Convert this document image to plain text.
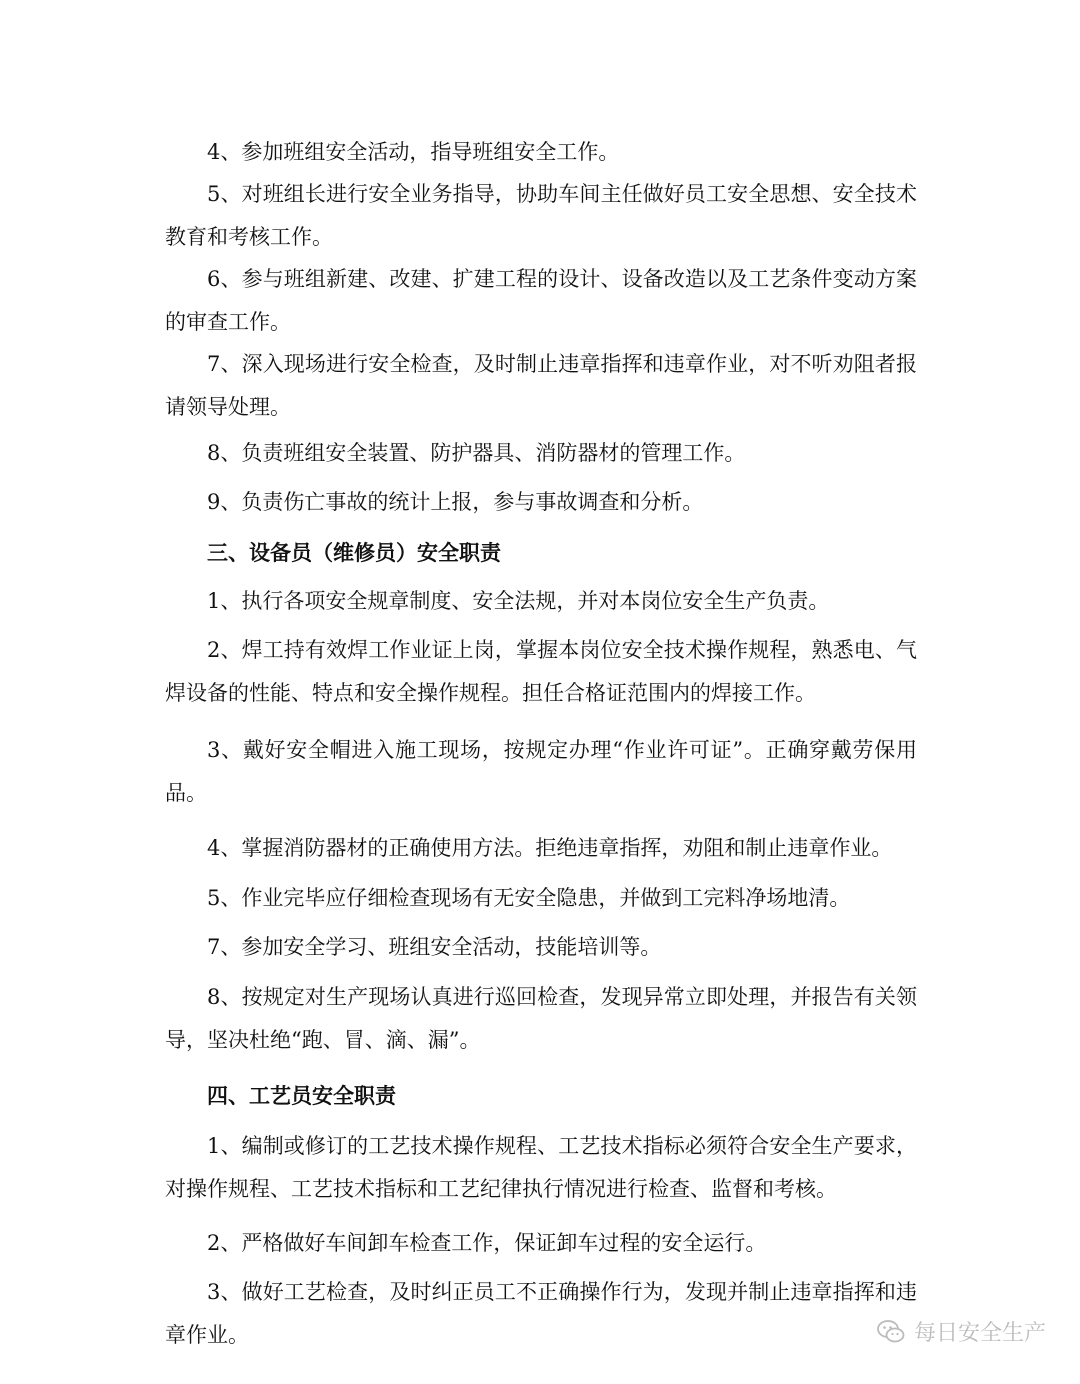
4、参加班组安全活动，指导班组安全工作。

5、对班组长进行安全业务指导，协助车间主任做好员工安全思想、安全技术教育和考核工作。

6、参与班组新建、改建、扩建工程的设计、设备改造以及工艺条件变动方案的审查工作。

7、深入现场进行安全检查，及时制止违章指挥和违章作业，对不听劝阻者报请领导处理。

8、负责班组安全装置、防护器具、消防器材的管理工作。

9、负责伤亡事故的统计上报，参与事故调查和分析。

三、设备员（维修员）安全职责

1、执行各项安全规章制度、安全法规，并对本岗位安全生产负责。

2、焊工持有效焊工作业证上岗，掌握本岗位安全技术操作规程，熟悉电、气焊设备的性能、特点和安全操作规程。担任合格证范围内的焊接工作。

3、戴好安全帽进入施工现场，按规定办理“作业许可证”。正确穿戴劳保用品。

4、掌握消防器材的正确使用方法。拒绝违章指挥，劝阻和制止违章作业。

5、作业完毕应仔细检查现场有无安全隐患，并做到工完料净场地清。

7、参加安全学习、班组安全活动，技能培训等。

8、按规定对生产现场认真进行巡回检查，发现异常立即处理，并报告有关领导，坚决杜绝“跑、冒、滴、漏”。

四、工艺员安全职责

1、编制或修订的工艺技术操作规程、工艺技术指标必须符合安全生产要求，对操作规程、工艺技术指标和工艺纪律执行情况进行检查、监督和考核。

2、严格做好车间卸车检查工作，保证卸车过程的安全运行。

3、做好工艺检查，及时纠正员工不正确操作行为，发现并制止违章指挥和违章作业。	每日安全生产
